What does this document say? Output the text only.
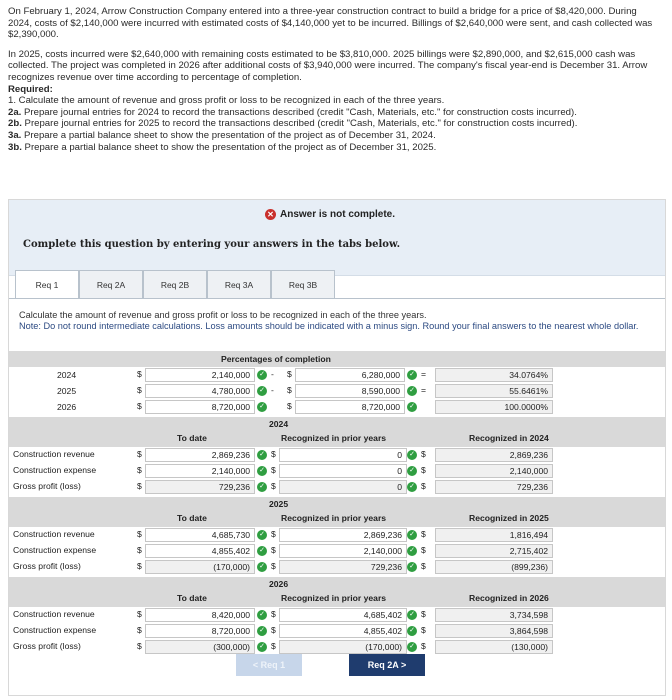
On February 1, 2024, Arrow Construction Company entered into a three-year construction contract to build a bridge for a price of $8,420,000. During 2024, costs of $2,140,000 were incurred with estimated costs of $4,140,000 yet to be incurred. Billings of $2,640,000 were sent, and cash collected was $2,390,000.

In 2025, costs incurred were $2,640,000 with remaining costs estimated to be $3,810,000. 2025 billings were $2,890,000, and $2,615,000 cash was collected. The project was completed in 2026 after additional costs of $3,940,000 were incurred. The company's fiscal year-end is December 31. Arrow recognizes revenue over time according to percentage of completion.

Required:
1. Calculate the amount of revenue and gross profit or loss to be recognized in each of the three years.
2a. Prepare journal entries for 2024 to record the transactions described (credit "Cash, Materials, etc." for construction costs incurred).
2b. Prepare journal entries for 2025 to record the transactions described (credit "Cash, Materials, etc." for construction costs incurred).
3a. Prepare a partial balance sheet to show the presentation of the project as of December 31, 2024.
3b. Prepare a partial balance sheet to show the presentation of the project as of December 31, 2025.
✕ Answer is not complete.
Complete this question by entering your answers in the tabs below.
Req 1	Req 2A	Req 2B	Req 3A	Req 3B
Calculate the amount of revenue and gross profit or loss to be recognized in each of the three years.
Note: Do not round intermediate calculations. Loss amounts should be indicated with a minus sign. Round your final answers to the nearest whole dollar.
Percentages of completion
2024	$	2,140,000	✓ - $	6,280,000	✓ =	34.0764%
2025	$	4,780,000	✓ - $	8,590,000	✓ =	55.6461%
2026	$	8,720,000	✓	$	8,720,000	✓	100.0000%
2024
To date	Recognized in prior years	Recognized in 2024
Construction revenue	$	2,869,236	✓ $	0	✓ $	2,869,236
Construction expense	$	2,140,000	✓ $	0	✓ $	2,140,000
Gross profit (loss)	$	729,236	✓ $	0	✓ $	729,236
2025
To date	Recognized in prior years	Recognized in 2025
Construction revenue	$	4,685,730	✓ $	2,869,236	✓ $	1,816,494
Construction expense	$	4,855,402	✓ $	2,140,000	✓ $	2,715,402
Gross profit (loss)	$	(170,000)	✓ $	729,236	✓ $	(899,236)
2026
To date	Recognized in prior years	Recognized in 2026
Construction revenue	$	8,420,000	✓ $	4,685,402	✓ $	3,734,598
Construction expense	$	8,720,000	✓ $	4,855,402	✓ $	3,864,598
Gross profit (loss)	$	(300,000)	✓ $	(170,000)	✓ $	(130,000)
< Req 1	Req 2A >
